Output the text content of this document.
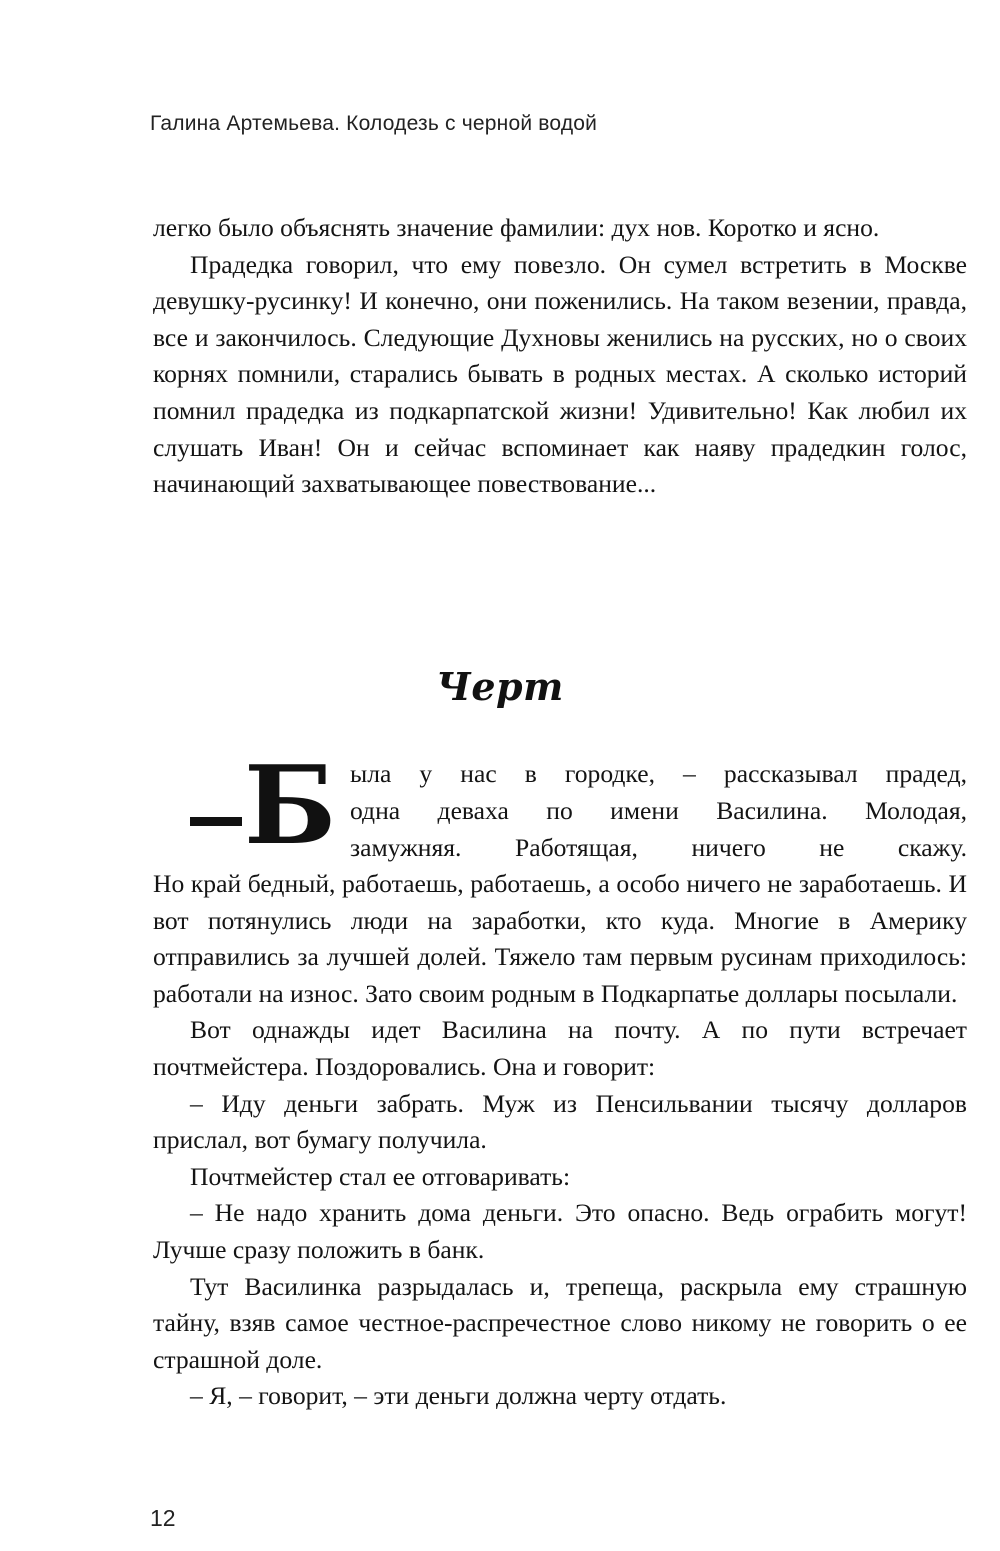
Галина Артемьева. Колодезь с черной водой

легко было объяснять значение фамилии: дух нов. Коротко и ясно.

Прадедка говорил, что ему повезло. Он сумел встретить в Москве девушку-русинку! И конечно, они поженились. На таком везении, правда, все и закончилось. Следующие Духновы женились на русских, но о своих корнях помнили, старались бывать в родных местах. А сколько историй помнил прадедка из подкарпатской жизни! Удивительно! Как любил их слушать Иван! Он и сейчас вспоминает как наяву прадедкин голос, начинающий захватывающее повествование...

Черт
Б ыла у нас в городке, – рассказывал прадед,
одна деваха по имени Василина. Молодая,
замужняя. Работящая, ничего не скажу.

Но край бедный, работаешь, работаешь, а особо ничего не заработаешь. И вот потянулись люди на заработки, кто куда. Многие в Америку отправились за лучшей долей. Тяжело там первым русинам приходилось: работали на износ. Зато своим родным в Подкарпатье доллары посылали.

Вот однажды идет Василина на почту. А по пути встречает почтмейстера. Поздоровались. Она и говорит:

– Иду деньги забрать. Муж из Пенсильвании тысячу долларов прислал, вот бумагу получила.

Почтмейстер стал ее отговаривать:

– Не надо хранить дома деньги. Это опасно. Ведь ограбить могут! Лучше сразу положить в банк.

Тут Василинка разрыдалась и, трепеща, раскрыла ему страшную тайну, взяв самое честное-распречестное слово никому не говорить о ее страшной доле.

– Я, – говорит, – эти деньги должна черту отдать.

12
